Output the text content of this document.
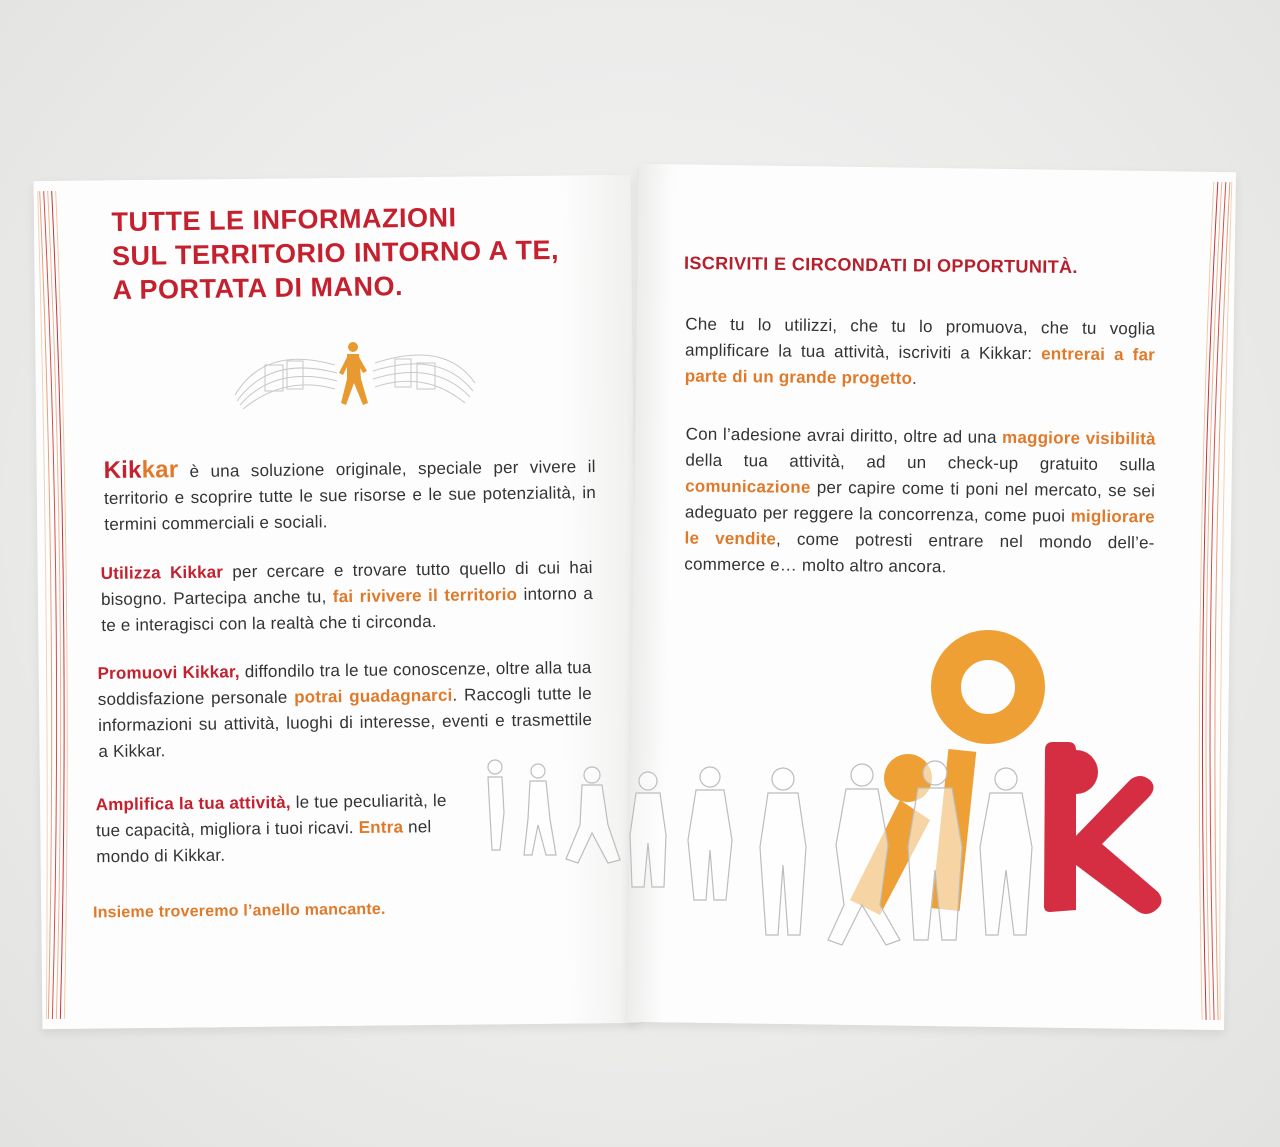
TUTTE LE INFORMAZIONI
SUL TERRITORIO INTORNO A TE,
A PORTATA DI MANO.
Kikkar è una soluzione originale, speciale per vivere il territorio e scoprire tutte le sue risorse e le sue potenzialità, in termini commerciali e sociali.
Utilizza Kikkar per cercare e trovare tutto quello di cui hai bisogno. Partecipa anche tu, fai rivivere il territorio intorno a te e interagisci con la realtà che ti circonda.
Promuovi Kikkar, diffondilo tra le tue conoscenze, oltre alla tua soddisfazione personale potrai guadagnarci. Raccogli tutte le informazioni su attività, luoghi di interesse, eventi e trasmettile a Kikkar.
Amplifica la tua attività, le tue peculiarità, le tue capacità, migliora i tuoi ricavi. Entra nel mondo di Kikkar.
Insieme troveremo l’anello mancante.
ISCRIVITI E CIRCONDATI DI OPPORTUNITÀ.
Che tu lo utilizzi, che tu lo promuova, che tu voglia amplificare la tua attività, iscriviti a Kikkar: entrerai a far parte di un grande progetto.
Con l’adesione avrai diritto, oltre ad una maggiore visibilità della tua attività, ad un check-up gratuito sulla comunicazione per capire come ti poni nel mercato, se sei adeguato per reggere la concorrenza, come puoi migliorare le vendite, come potresti entrare nel mondo dell’e-commerce e… molto altro ancora.
